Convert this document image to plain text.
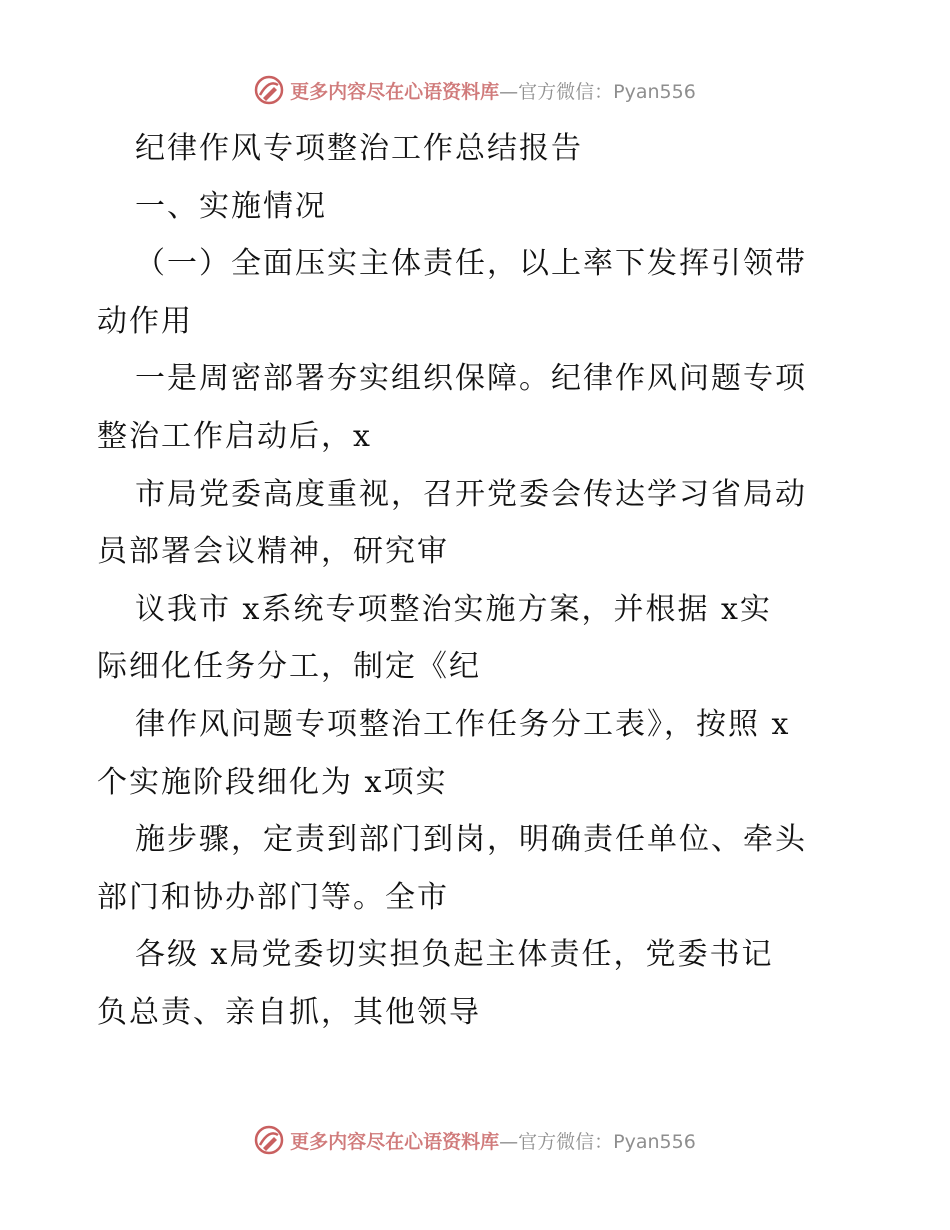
更多内容尽在心语资料库—官方微信：Pyan556
纪律作风专项整治工作总结报告
一、实施情况
（一）全面压实主体责任，以上率下发挥引领带
动作用
一是周密部署夯实组织保障。纪律作风问题专项
整治工作启动后，x
市局党委高度重视，召开党委会传达学习省局动
员部署会议精神，研究审
议我市 x系统专项整治实施方案，并根据 x实
际细化任务分工，制定《纪
律作风问题专项整治工作任务分工表》，按照 x
个实施阶段细化为 x项实
施步骤，定责到部门到岗，明确责任单位、牵头
部门和协办部门等。全市
各级 x局党委切实担负起主体责任，党委书记
负总责、亲自抓，其他领导
更多内容尽在心语资料库—官方微信：Pyan556
